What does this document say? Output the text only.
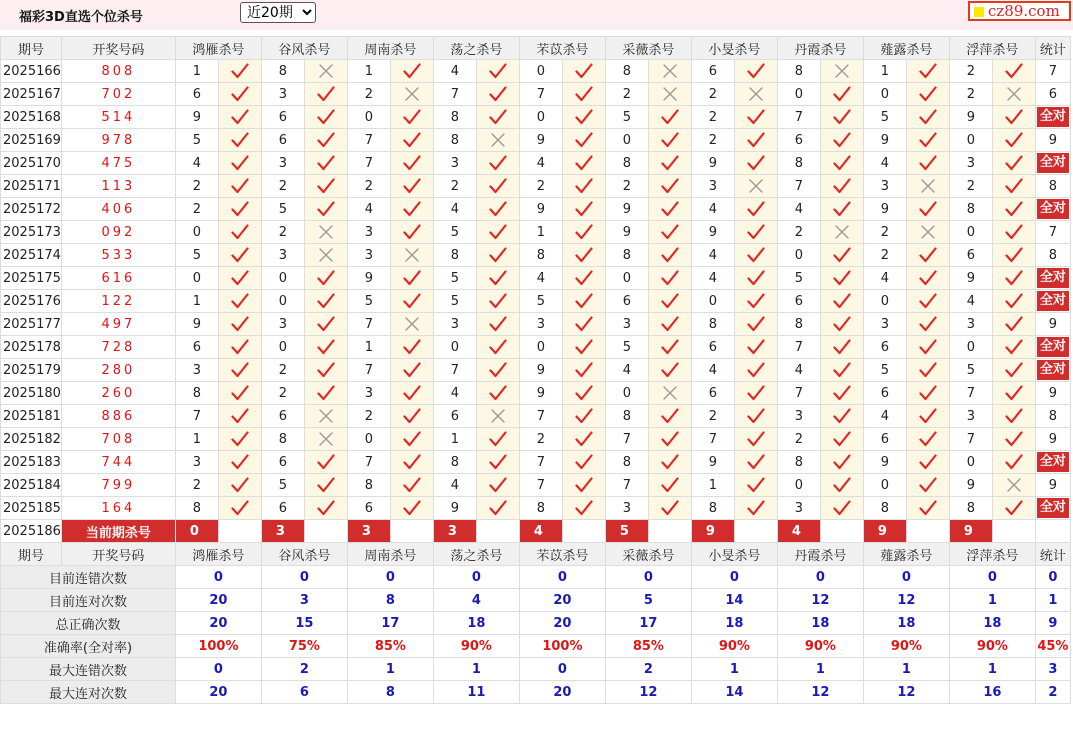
福彩3D直选个位杀号
近20期	cz89.com
期号	开奖号码	鸿雁杀号		谷风杀号		周南杀号		荡之杀号		芣苡杀号		采薇杀号		小旻杀号		丹霞杀号		薤露杀号		浮萍杀号		统计
2025166	808	1		8		1		4		0		8		6		8		1		2		7
2025167	702	6		3		2		7		7		2		2		0		0		2		6
2025168	514	9		6		0		8		0		5		2		7		5		9		全对
2025169	978	5		6		7		8		9		0		2		6		9		0		9
2025170	475	4		3		7		3		4		8		9		8		4		3		全对
2025171	113	2		2		2		2		2		2		3		7		3		2		8
2025172	406	2		5		4		4		9		9		4		4		9		8		全对
2025173	092	0		2		3		5		1		9		9		2		2		0		7
2025174	533	5		3		3		8		8		8		4		0		2		6		8
2025175	616	0		0		9		5		4		0		4		5		4		9		全对
2025176	122	1		0		5		5		5		6		0		6		0		4		全对
2025177	497	9		3		7		3		3		3		8		8		3		3		9
2025178	728	6		0		1		0		0		5		6		7		6		0		全对
2025179	280	3		2		7		7		9		4		4		4		5		5		全对
2025180	260	8		2		3		4		9		0		6		7		6		7		9
2025181	886	7		6		2		6		7		8		2		3		4		3		8
2025182	708	1		8		0		1		2		7		7		2		6		7		9
2025183	744	3		6		7		8		7		8		9		8		9		0		全对
2025184	799	2		5		8		4		7		7		1		0		0		9		9
2025185	164	8		6		6		9		8		3		8		3		8		8		全对
2025186	当前期杀号	0		3		3		3		4		5		9		4		9		9		
期号	开奖号码	鸿雁杀号		谷风杀号		周南杀号		荡之杀号		芣苡杀号		采薇杀号		小旻杀号		丹霞杀号		薤露杀号		浮萍杀号		统计
目前连错次数		0		0		0		0		0		0		0		0		0		0		0
目前连对次数		20		3		8		4		20		5		14		12		12		1		1
总正确次数		20		15		17		18		20		17		18		18		18		18		9
准确率(全对率)		100%		75%		85%		90%		100%		85%		90%		90%		90%		90%		45%
最大连错次数		0		2		1		1		0		2		1		1		1		1		3
最大连对次数		20		6		8		11		20		12		14		12		12		16		2
